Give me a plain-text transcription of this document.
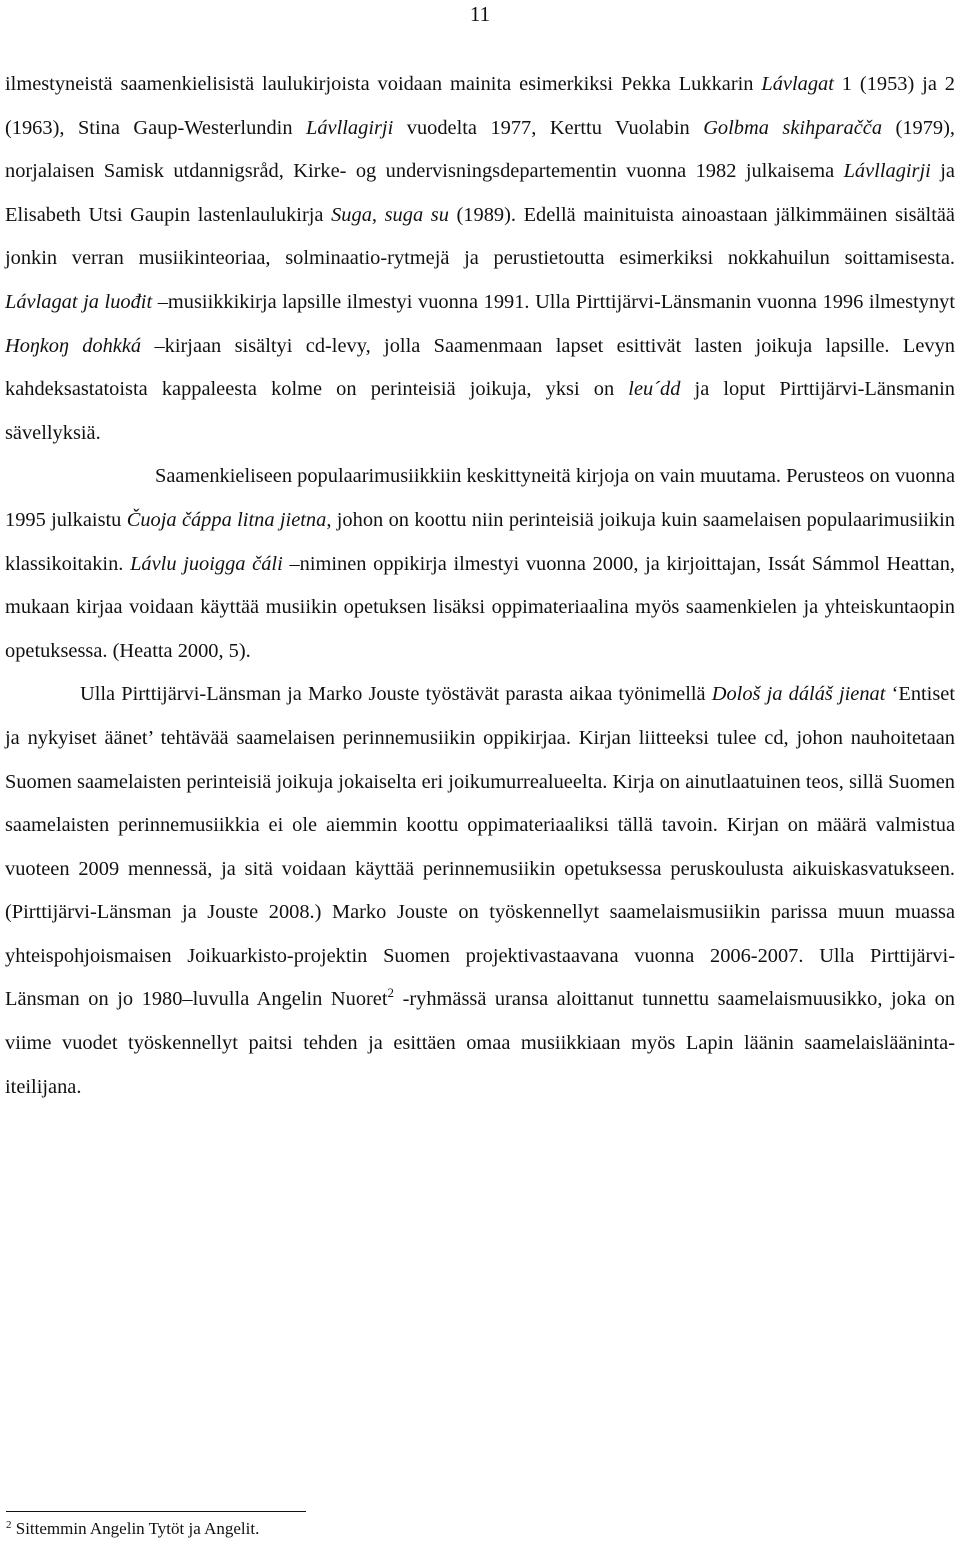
11

ilmestyneistä saamenkielisistä laulukirjoista voidaan mainita esimerkiksi Pekka Lukkarin Lávlagat 1 (1953) ja 2 (1963), Stina Gaup-Westerlundin Lávllagirji vuodelta 1977, Kerttu Vuolabin Golbma skihparačča (1979), norjalaisen Samisk utdannigsråd, Kirke- og undervisningsdepartementin vuonna 1982 julkaisema Lávllagirji ja Elisabeth Utsi Gaupin lastenlaulukirja Suga, suga su (1989). Edellä mainituista ainoastaan jälkimmäinen sisältää jonkin verran musiikinteoriaa, solminaatio-rytmejä ja perustietoutta esimerkiksi nokkahuilun soittamisesta. Lávlagat ja luođit –musiikkikirja lapsille ilmestyi vuonna 1991. Ulla Pirttijärvi-Länsmanin vuonna 1996 ilmestynyt Hoŋkoŋ dohkká –kirjaan sisältyi cd-levy, jolla Saamenmaan lapset esittivät lasten joikuja lapsille. Levyn kahdeksastatoista kappaleesta kolme on perinteisiä joikuja, yksi on leu´dd ja loput Pirttijärvi-Länsmanin sävellyksiä.

Saamenkieliseen populaarimusiikkiin keskittyneitä kirjoja on vain muutama. Perusteos on vuonna 1995 julkaistu Čuoja čáppa litna jietna, johon on koottu niin perinteisiä joikuja kuin saamelaisen populaarimusiikin klassikoitakin. Lávlu juoigga čáli –niminen oppikirja ilmestyi vuonna 2000, ja kirjoittajan, Issát Sámmol Heattan, mukaan kirjaa voidaan käyttää musiikin opetuksen lisäksi oppimateriaalina myös saamenkielen ja yhteiskuntaopin opetuksessa. (Heatta 2000, 5).

Ulla Pirttijärvi-Länsman ja Marko Jouste työstävät parasta aikaa työnimellä Dološ ja dáláš jienat ‘Entiset ja nykyiset äänet’ tehtävää saamelaisen perinnemusiikin oppikirjaa. Kirjan liitteeksi tulee cd, johon nauhoitetaan Suomen saamelaisten perinteisiä joikuja jokaiselta eri joikumurrealueelta. Kirja on ainutlaatuinen teos, sillä Suomen saamelaisten perinnemusiikkia ei ole aiemmin koottu oppimateriaaliksi tällä tavoin. Kirjan on määrä valmistua vuoteen 2009 mennessä, ja sitä voidaan käyttää perinnemusiikin opetuksessa peruskoulusta aikuiskasvatukseen. (Pirttijärvi-Länsman ja Jouste 2008.) Marko Jouste on työskennellyt saamelaismusiikin parissa muun muassa yhteispohjoismaisen Joikuarkisto-projektin Suomen projektivastaavana vuonna 2006-2007. Ulla Pirttijärvi-Länsman on jo 1980–luvulla Angelin Nuoret$^2$ -ryhmässä uransa aloittanut tunnettu saamelaismuusikko, joka on viime vuodet työskennellyt paitsi tehden ja esittäen omaa musiikkiaan myös Lapin läänin saamelaisläänintaiteilijana.

$^2$ Sittemmin Angelin Tytöt ja Angelit.
